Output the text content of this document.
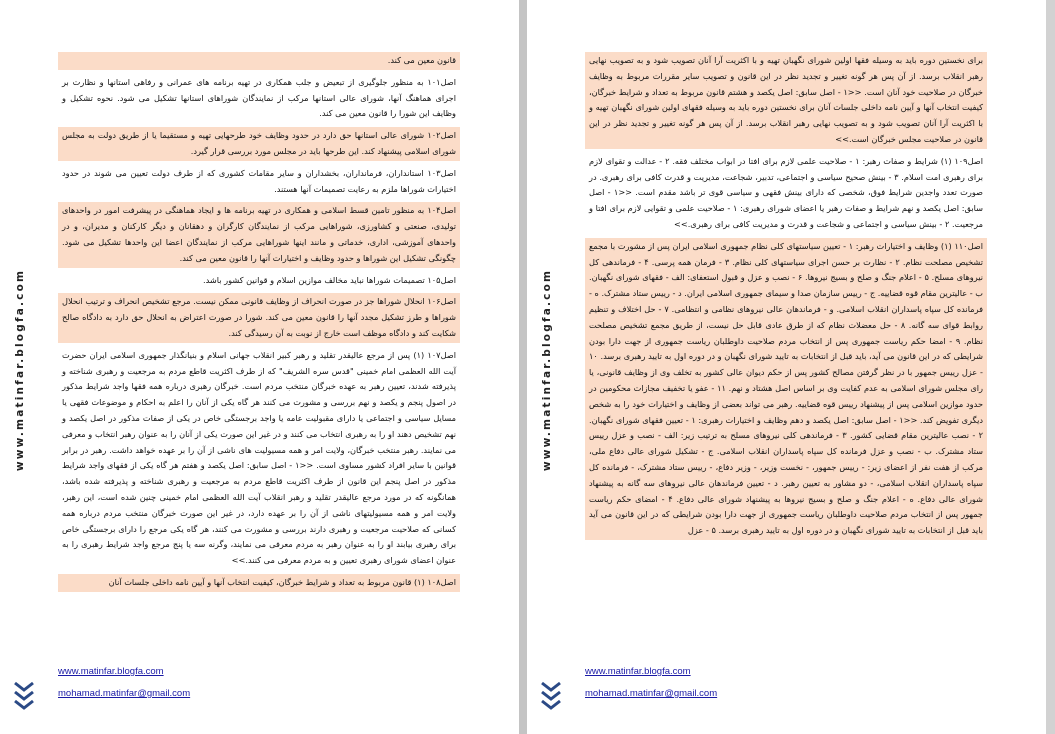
www.matinfar.blogfa.com

قانون معین می کند.

اصل۱۰۱ به منظور جلوگیری از تبعیض و جلب همکاری در تهیه برنامه های عمرانی و رفاهی استانها و نظارت بر اجرای هماهنگ آنها، شورای عالی استانها مرکب از نمایندگان شوراهای استانها تشکیل می شود. نحوه تشکیل و وظایف این شورا را قانون معین می کند.

اصل۱۰۲ شورای عالی استانها حق دارد در حدود وظایف خود طرحهایی تهیه و مستقیما یا از طریق دولت به مجلس شورای اسلامی پیشنهاد کند. این طرحها باید در مجلس مورد بررسی قرار گیرد.

اصل۱۰۳ استانداران، فرمانداران، بخشداران و سایر مقامات کشوری که از طرف دولت تعیین می شوند در حدود اختیارات شوراها ملزم به رعایت تصمیمات آنها هستند.

اصل۱۰۴ به منظور تامین قسط اسلامی و همکاری در تهیه برنامه ها و ایجاد هماهنگی در پیشرفت امور در واحدهای تولیدی، صنعتی و کشاورزی، شوراهایی مرکب از نمایندگان کارگران و دهقانان و دیگر کارکنان و مدیران، و در واحدهای آموزشی، اداری، خدماتی و مانند اینها شوراهایی مرکب از نمایندگان اعضا این واحدها تشکیل می شود. چگونگی تشکیل این شوراها و حدود وظایف و اختیارات آنها را قانون معین می کند.

اصل۱۰۵ تصمیمات شوراها نباید مخالف موازین اسلام و قوانین کشور باشد.

اصل۱۰۶ انحلال شوراها جز در صورت انحراف از وظایف قانونی ممکن نیست. مرجع تشخیص انحراف و ترتیب انحلال شوراها و طرز تشکیل مجدد آنها را قانون معین می کند. شورا در صورت اعتراض به انحلال حق دارد به دادگاه صالح شکایت کند و دادگاه موظف است خارج از نوبت به آن رسیدگی کند.

اصل۱۰۷ (۱) پس از مرجع عالیقدر تقلید و رهبر کبیر انقلاب جهانی اسلام و بنیانگذار جمهوری اسلامی ایران حضرت آیت الله العظمی امام خمینی "قدس سره الشریف" که از طرف اکثریت قاطع مردم به مرجعیت و رهبری شناخته و پذیرفته شدند، تعیین رهبر به عهده خبرگان منتخب مردم است. خبرگان رهبری درباره همه فقها واجد شرایط مذکور در اصول پنجم و یکصد و نهم بررسی و مشورت می کنند هر گاه یکی از آنان را اعلم به احکام و موضوعات فقهی یا مسایل سیاسی و اجتماعی یا دارای مقبولیت عامه یا واجد برجستگی خاص در یکی از صفات مذکور در اصل یکصد و نهم تشخیص دهند او را به رهبری انتخاب می کنند و در غیر این صورت یکی از آنان را به عنوان رهبر انتخاب و معرفی می نمایند. رهبر منتخب خبرگان، ولایت امر و همه مسیولیت های ناشی از آن را بر عهده خواهد داشت. رهبر در برابر قوانین با سایر افراد کشور مساوی است. <<۱ - اصل سابق: اصل یکصد و هفتم هر گاه یکی از فقهای واجد شرایط مذکور در اصل پنجم این قانون از طرف اکثریت قاطع مردم به مرجعیت و رهبری شناخته و پذیرفته شده باشد، همانگونه که در مورد مرجع عالیقدر تقلید و رهبر انقلاب آیت الله العظمی امام خمینی چنین شده است، این رهبر، ولایت امر و همه مسیولیتهای ناشی از آن را بر عهده دارد، در غیر این صورت خبرگان منتخب مردم درباره همه کسانی که صلاحیت مرجعیت و رهبری دارند بررسی و مشورت می کنند، هر گاه یکی مرجع را دارای برجستگی خاص برای رهبری بیابند او را به عنوان رهبر به مردم معرفی می نمایند، وگرنه سه یا پنج مرجع واجد شرایط رهبری را به عنوان اعضای شورای رهبری تعیین و به مردم معرفی می کنند.>>

اصل۱۰۸ (۱) قانون مربوط به تعداد و شرایط خبرگان، کیفیت انتخاب آنها و آیین نامه داخلی جلسات آنان

www.matinfar.blogfa.com
mohamad.matinfar@gmail.com
www.matinfar.blogfa.com

برای نخستین دوره باید به وسیله فقها اولین شورای نگهبان تهیه و با اکثریت آرا آنان تصویب شود و به تصویب نهایی رهبر انقلاب برسد. از آن پس هر گونه تغییر و تجدید نظر در این قانون و تصویب سایر مقررات مربوط به وظایف خبرگان در صلاحیت خود آنان است. <<۱ - اصل سابق: اصل یکصد و هشتم قانون مربوط به تعداد و شرایط خبرگان، کیفیت انتخاب آنها و آیین نامه داخلی جلسات آنان برای نخستین دوره باید به وسیله فقهای اولین شورای نگهبان تهیه و با اکثریت آرا آنان تصویب شود و به تصویب نهایی رهبر انقلاب برسد. از آن پس هر گونه تغییر و تجدید نظر در این قانون در صلاحیت مجلس خبرگان است.>>

اصل۱۰۹ (۱) شرایط و صفات رهبر: ۱ - صلاحیت علمی لازم برای افتا در ابواب مختلف فقه. ۲ - عدالت و تقوای لازم برای رهبری امت اسلام. ۳ - بینش صحیح سیاسی و اجتماعی، تدبیر، شجاعت، مدیریت و قدرت کافی برای رهبری. در صورت تعدد واجدین شرایط فوق، شخصی که دارای بینش فقهی و سیاسی قوی تر باشد مقدم است. <<۱ - اصل سابق: اصل یکصد و نهم شرایط و صفات رهبر یا اعضای شورای رهبری: ۱ - صلاحیت علمی و تقوایی لازم برای افتا و مرجعیت. ۲ - بینش سیاسی و اجتماعی و شجاعت و قدرت و مدیریت کافی برای رهبری.>>

اصل۱۱۰ (۱) وظایف و اختیارات رهبر: ۱ - تعیین سیاستهای کلی نظام جمهوری اسلامی ایران پس از مشورت با مجمع تشخیص مصلحت نظام. ۲ - نظارت بر حسن اجرای سیاستهای کلی نظام. ۳ - فرمان همه پرسی. ۴ - فرماندهی کل نیروهای مسلح. ۵ - اعلام جنگ و صلح و بسیج نیروها. ۶ - نصب و عزل و قبول استعفای: الف - فقهای شورای نگهبان. ب - عالیترین مقام قوه قضاییه. ج - رییس سازمان صدا و سیمای جمهوری اسلامی ایران. د - رییس ستاد مشترک. ه - فرمانده کل سپاه پاسداران انقلاب اسلامی. و - فرماندهان عالی نیروهای نظامی و انتظامی. ۷ - حل اختلاف و تنظیم روابط قوای سه گانه. ۸ - حل معضلات نظام که از طرق عادی قابل حل نیست، از طریق مجمع تشخیص مصلحت نظام. ۹ - امضا حکم ریاست جمهوری پس از انتخاب مردم صلاحیت داوطلبان ریاست جمهوری از جهت دارا بودن شرایطی که در این قانون می آید، باید قبل از انتخابات به تایید شورای نگهبان و در دوره اول به تایید رهبری برسد. ۱۰ - عزل رییس جمهور با در نظر گرفتن مصالح کشور پس از حکم دیوان عالی کشور به تخلف وی از وظایف قانونی، یا رای مجلس شورای اسلامی به عدم کفایت وی بر اساس اصل هشتاد و نهم. ۱۱ - عفو یا تخفیف مجازات محکومین در حدود موازین اسلامی پس از پیشنهاد رییس قوه قضاییه. رهبر می تواند بعضی از وظایف و اختیارات خود را به شخص دیگری تفویض کند. <<۱ - اصل سابق: اصل یکصد و دهم وظایف و اختیارات رهبری: ۱ - تعیین فقهای شورای نگهبان. ۲ - نصب عالیترین مقام قضایی کشور. ۳ - فرماندهی کلی نیروهای مسلح به ترتیب زیر: الف - نصب و عزل رییس ستاد مشترک. ب - نصب و عزل فرمانده کل سپاه پاسداران انقلاب اسلامی. ج - تشکیل شورای عالی دفاع ملی، مرکب از هفت نفر از اعضای زیر: - رییس جمهور، - نخست وزیر، - وزیر دفاع، - رییس ستاد مشترک، - فرمانده کل سپاه پاسداران انقلاب اسلامی، - دو مشاور به تعیین رهبر. د - تعیین فرماندهان عالی نیروهای سه گانه به پیشنهاد شورای عالی دفاع. ه - اعلام جنگ و صلح و بسیج نیروها به پیشنهاد شورای عالی دفاع. ۴ - امضای حکم ریاست جمهور پس از انتخاب مردم صلاحیت داوطلبان ریاست جمهوری از جهت دارا بودن شرایطی که در این قانون می آید باید قبل از انتخابات به تایید شورای نگهبان و در دوره اول به تایید رهبری برسد. ۵ - عزل

www.matinfar.blogfa.com
mohamad.matinfar@gmail.com
